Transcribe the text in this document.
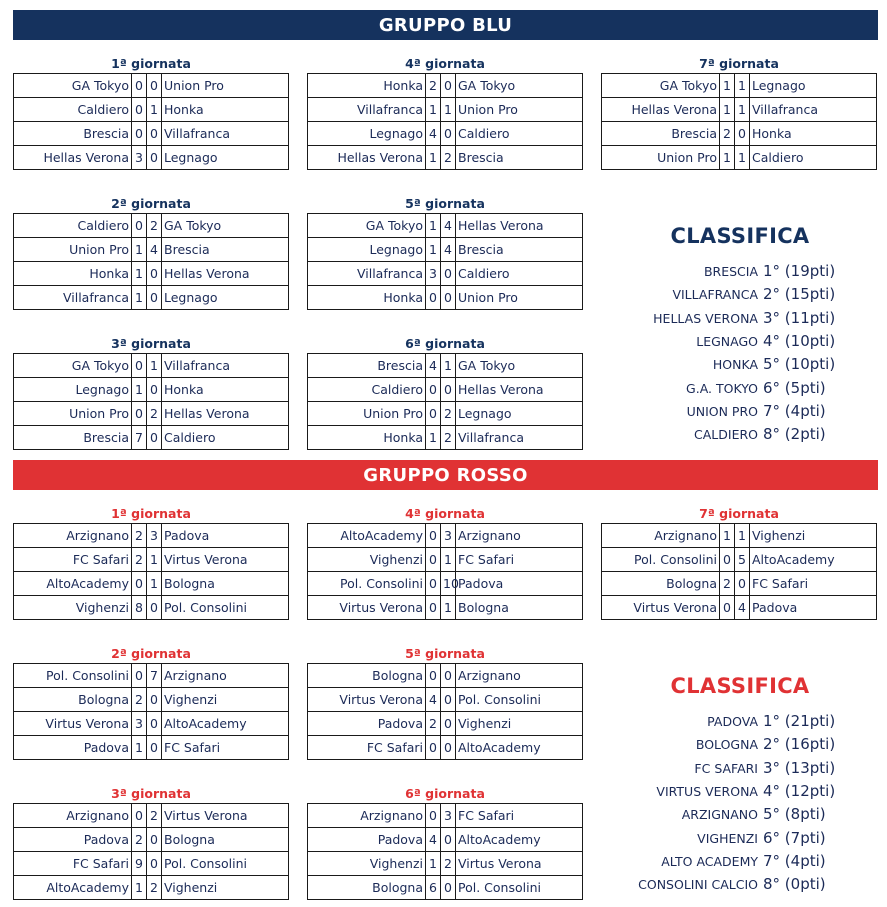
GRUPPO BLU
1ª giornata
GA Tokyo	0	0	Union Pro
Caldiero	0	1	Honka
Brescia	0	0	Villafranca
Hellas Verona	3	0	Legnago
4ª giornata
Honka	2	0	GA Tokyo
Villafranca	1	1	Union Pro
Legnago	4	0	Caldiero
Hellas Verona	1	2	Brescia
7ª giornata
GA Tokyo	1	1	Legnago
Hellas Verona	1	1	Villafranca
Brescia	2	0	Honka
Union Pro	1	1	Caldiero
2ª giornata
Caldiero	0	2	GA Tokyo
Union Pro	1	4	Brescia
Honka	1	0	Hellas Verona
Villafranca	1	0	Legnago
5ª giornata
GA Tokyo	1	4	Hellas Verona
Legnago	1	4	Brescia
Villafranca	3	0	Caldiero
Honka	0	0	Union Pro
3ª giornata
GA Tokyo	0	1	Villafranca
Legnago	1	0	Honka
Union Pro	0	2	Hellas Verona
Brescia	7	0	Caldiero
6ª giornata
Brescia	4	1	GA Tokyo
Caldiero	0	0	Hellas Verona
Union Pro	0	2	Legnago
Honka	1	2	Villafranca
CLASSIFICA
BRESCIA 1° (19pti)
VILLAFRANCA 2° (15pti)
HELLAS VERONA 3° (11pti)
LEGNAGO 4° (10pti)
HONKA 5° (10pti)
G.A. TOKYO 6° (5pti)
UNION PRO 7° (4pti)
CALDIERO 8° (2pti)
GRUPPO ROSSO
1ª giornata
Arzignano	2	3	Padova
FC Safari	2	1	Virtus Verona
AltoAcademy	0	1	Bologna
Vighenzi	8	0	Pol. Consolini
4ª giornata
AltoAcademy	0	3	Arzignano
Vighenzi	0	1	FC Safari
Pol. Consolini	0	10	Padova
Virtus Verona	0	1	Bologna
7ª giornata
Arzignano	1	1	Vighenzi
Pol. Consolini	0	5	AltoAcademy
Bologna	2	0	FC Safari
Virtus Verona	0	4	Padova
2ª giornata
Pol. Consolini	0	7	Arzignano
Bologna	2	0	Vighenzi
Virtus Verona	3	0	AltoAcademy
Padova	1	0	FC Safari
5ª giornata
Bologna	0	0	Arzignano
Virtus Verona	4	0	Pol. Consolini
Padova	2	0	Vighenzi
FC Safari	0	0	AltoAcademy
3ª giornata
Arzignano	0	2	Virtus Verona
Padova	2	0	Bologna
FC Safari	9	0	Pol. Consolini
AltoAcademy	1	2	Vighenzi
6ª giornata
Arzignano	0	3	FC Safari
Padova	4	0	AltoAcademy
Vighenzi	1	2	Virtus Verona
Bologna	6	0	Pol. Consolini
CLASSIFICA
PADOVA 1° (21pti)
BOLOGNA 2° (16pti)
FC SAFARI 3° (13pti)
VIRTUS VERONA 4° (12pti)
ARZIGNANO 5° (8pti)
VIGHENZI 6° (7pti)
ALTO ACADEMY 7° (4pti)
CONSOLINI CALCIO 8° (0pti)
